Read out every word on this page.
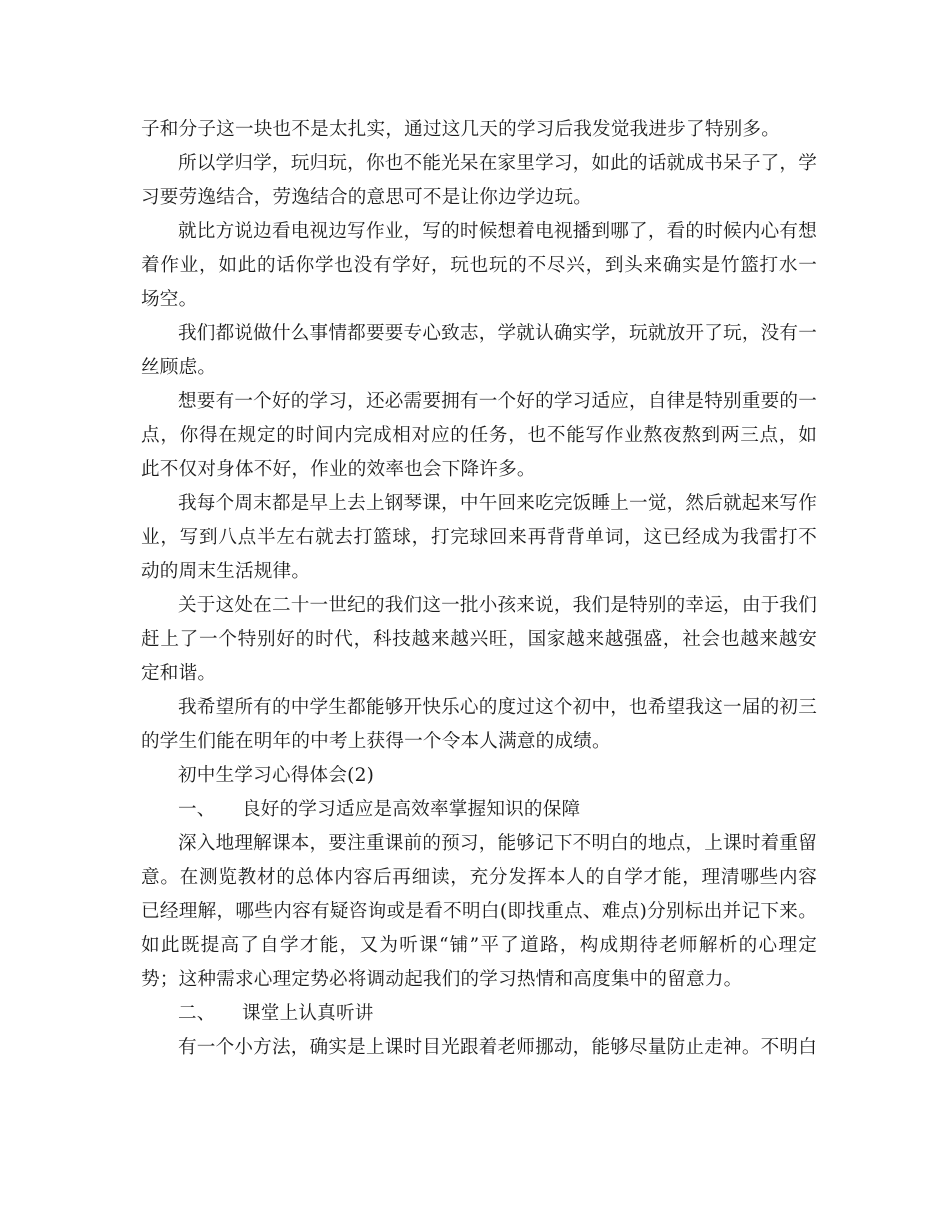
子和分子这一块也不是太扎实，通过这几天的学习后我发觉我进步了特别多。

所以学归学，玩归玩，你也不能光呆在家里学习，如此的话就成书呆子了，学习要劳逸结合，劳逸结合的意思可不是让你边学边玩。

就比方说边看电视边写作业，写的时候想着电视播到哪了，看的时候内心有想着作业，如此的话你学也没有学好，玩也玩的不尽兴，到头来确实是竹篮打水一场空。

我们都说做什么事情都要要专心致志，学就认确实学，玩就放开了玩，没有一丝顾虑。

想要有一个好的学习，还必需要拥有一个好的学习适应，自律是特别重要的一点，你得在规定的时间内完成相对应的任务，也不能写作业熬夜熬到两三点，如此不仅对身体不好，作业的效率也会下降许多。

我每个周末都是早上去上钢琴课，中午回来吃完饭睡上一觉，然后就起来写作业，写到八点半左右就去打篮球，打完球回来再背背单词，这已经成为我雷打不动的周末生活规律。

关于这处在二十一世纪的我们这一批小孩来说，我们是特别的幸运，由于我们赶上了一个特别好的时代，科技越来越兴旺，国家越来越强盛，社会也越来越安定和谐。

我希望所有的中学生都能够开快乐心的度过这个初中，也希望我这一届的初三的学生们能在明年的中考上获得一个令本人满意的成绩。

初中生学习心得体会(2)

一、 良好的学习适应是高效率掌握知识的保障

深入地理解课本，要注重课前的预习，能够记下不明白的地点，上课时着重留意。在测览教材的总体内容后再细读，充分发挥本人的自学才能，理清哪些内容已经理解，哪些内容有疑咨询或是看不明白(即找重点、难点)分别标出并记下来。如此既提高了自学才能，又为听课“铺”平了道路，构成期待老师解析的心理定势；这种需求心理定势必将调动起我们的学习热情和高度集中的留意力。

二、 课堂上认真听讲

有一个小方法，确实是上课时目光跟着老师挪动，能够尽量防止走神。不明白
